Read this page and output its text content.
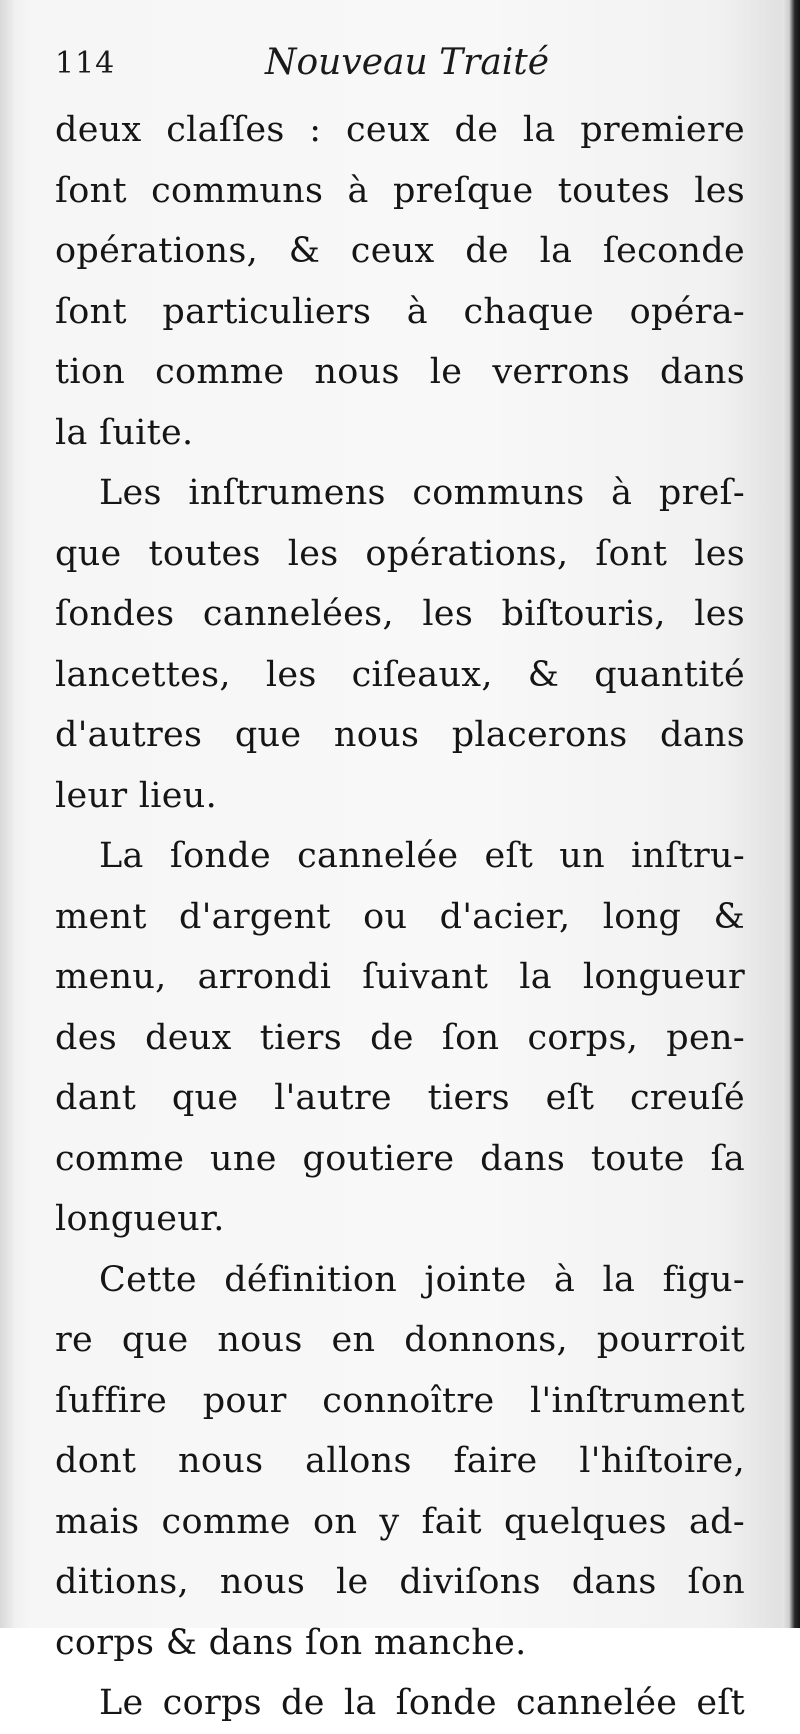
114	Nouveau Traité
deux claſſes : ceux de la premiere
ſont communs à preſque toutes les
opérations, & ceux de la ſeconde
ſont particuliers à chaque opéra-
tion comme nous le verrons dans
la ſuite.
Les inſtrumens communs à preſ-
que toutes les opérations, ſont les
ſondes cannelées, les biſtouris, les
lancettes, les ciſeaux, & quantité
d'autres que nous placerons dans
leur lieu.
La ſonde cannelée eſt un inſtru-
ment d'argent ou d'acier, long &
menu, arrondi ſuivant la longueur
des deux tiers de ſon corps, pen-
dant que l'autre tiers eſt creuſé
comme une goutiere dans toute ſa
longueur.
Cette définition jointe à la figu-
re que nous en donnons, pourroit
ſuffire pour connoître l'inſtrument
dont nous allons faire l'hiſtoire,
mais comme on y fait quelques ad-
ditions, nous le diviſons dans ſon
corps & dans ſon manche.
Le corps de la ſonde cannelée eſt
